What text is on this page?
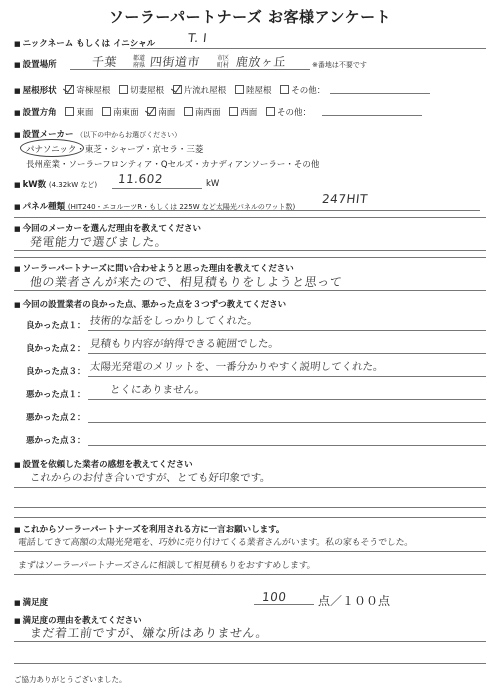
ソーラーパートナーズ お客様アンケート
■ ニックネーム もしくは イニシャル	T. I
■ 設置場所	千葉	都道府県 四街道市	市区町村 鹿放ヶ丘	※番地は不要です
■ 屋根形状 寄棟屋根 切妻屋根 片流れ屋根 陸屋根 その他：
■ 設置方角 東面 南東面 南面 南西面 西面 その他：
■ 設置メーカー （以下の中からお選びください）
パナソニック・東芝・シャープ・京セラ・三菱
長州産業・ソーラーフロンティア・Qセルズ・カナディアンソーラー・その他
■ kW数 (4.32kW など) 11.602	kW
■ パネル種類 (HIT240・エコルーツR・もしくは 225W など太陽光パネルのワット数)
247HIT
■ 今回のメーカーを選んだ理由を教えてください
発電能力で選びました。
■ ソーラーパートナーズに問い合わせようと思った理由を教えてください
他の業者さんが来たので、相見積もりをしようと思って
■ 今回の設置業者の良かった点、悪かった点を３つずつ教えてください
良かった点１： 技術的な話をしっかりしてくれた。
良かった点２： 見積もり内容が納得できる範囲でした。
良かった点３： 太陽光発電のメリットを、一番分かりやすく説明してくれた。
悪かった点１： とくにありません。
悪かった点２：
悪かった点３：
■ 設置を依頼した業者の感想を教えてください
これからのお付き合いですが、とても好印象です。
■ これからソーラーパートナーズを利用される方に一言お願いします。
電話してきて高額の太陽光発電を、巧妙に売り付けてくる業者さんがいます。私の家もそうでした。
まずはソーラーパートナーズさんに相談して相見積もりをおすすめします。
■ 満足度	100	点／１００点
■ 満足度の理由を教えてください
まだ着工前ですが、嫌な所はありません。
ご協力ありがとうございました。
